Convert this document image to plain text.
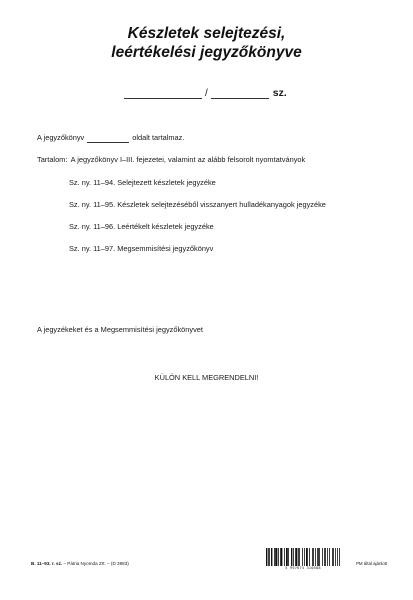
Készletek selejtezési,
leértékelési jegyzőkönyve
/	sz.
A jegyzőkönyv	oldalt tartalmaz.
Tartalom: A jegyzőkönyv I–III. fejezetei, valamint az alább felsorolt nyomtatványok
Sz. ny. 11–94. Selejtezett készletek jegyzéke
Sz. ny. 11–95. Készletek selejtezéséből visszanyert hulladékanyagok jegyzéke
Sz. ny. 11–96. Leértékelt készletek jegyzéke
Sz. ny. 11–97. Megsemmisítési jegyzőkönyv
A jegyzékeket és a Megsemmisítési jegyzőkönyvet
KÜLÖN KELL MEGRENDELNI!
B. 11–93. r. sz. – Pátria Nyomda Zrt. – (D 3883)
5 997674 310588
PM által ajánlott
